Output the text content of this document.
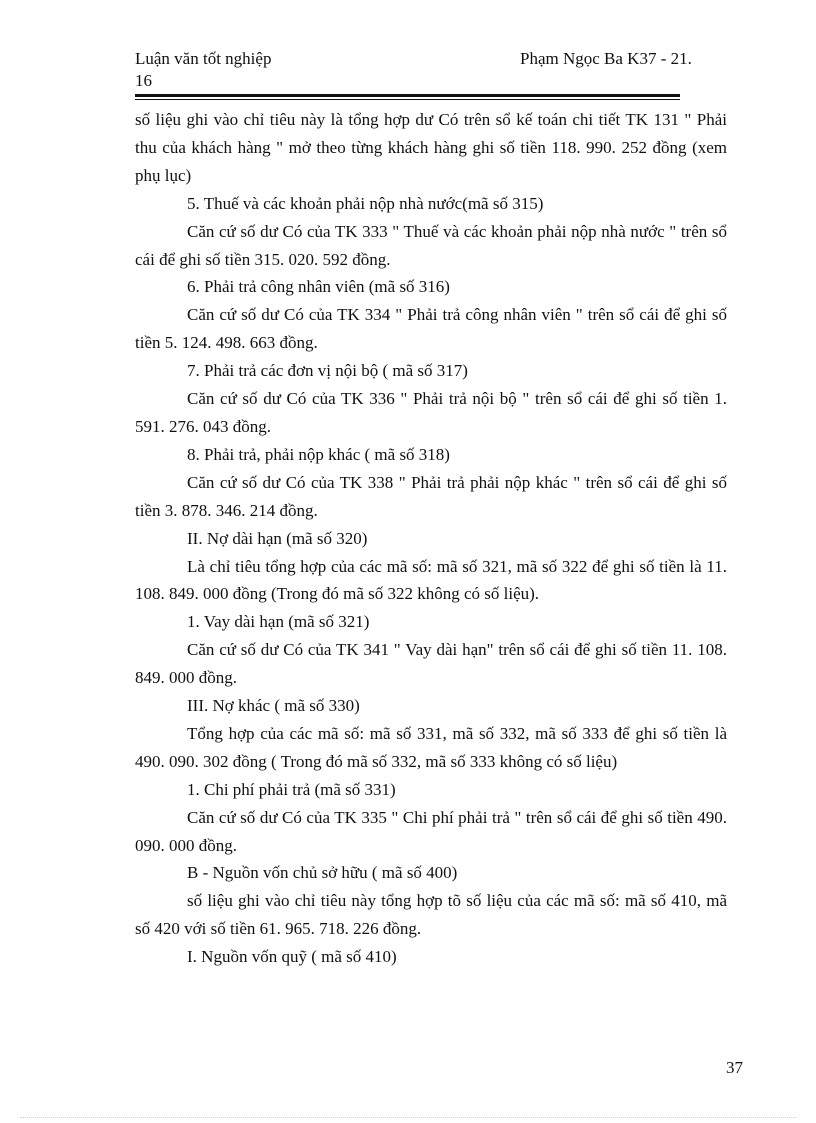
Luận văn tốt nghiệp	Phạm Ngọc Ba K37 - 21.
16

số liệu ghi vào chỉ tiêu này là tổng hợp dư Có trên sổ kế toán chi tiết TK 131 " Phải thu của khách hàng " mở theo từng khách hàng ghi số tiền 118. 990. 252 đồng (xem phụ lục)

5. Thuế và các khoản phải nộp nhà nước(mã số 315)

Căn cứ số dư Có của TK 333 " Thuế và các khoản phải nộp nhà nước " trên sổ cái để ghi số tiền 315. 020. 592 đồng.

6. Phải trả công nhân viên (mã số 316)

Căn cứ số dư Có của TK 334 " Phải trả công nhân viên " trên sổ cái để ghi số tiền 5. 124. 498. 663 đồng.

7. Phải trả các đơn vị nội bộ ( mã số 317)

Căn cứ số dư Có của TK 336 " Phải trả nội bộ " trên sổ cái để ghi số tiền 1. 591. 276. 043 đồng.

8. Phải trả, phải nộp khác ( mã số 318)

Căn cứ số dư Có của TK 338 " Phải trả phải nộp khác " trên sổ cái để ghi số tiền 3. 878. 346. 214 đồng.

II. Nợ dài hạn (mã số 320)

Là chỉ tiêu tổng hợp của các mã số: mã số 321, mã số 322 để ghi số tiền là 11. 108. 849. 000 đồng (Trong đó mã số 322 không có số liệu).

1. Vay dài hạn (mã số 321)

Căn cứ số dư Có của TK 341 " Vay dài hạn" trên sổ cái để ghi số tiền 11. 108. 849. 000 đồng.

III. Nợ khác ( mã số 330)

Tổng hợp của các mã số: mã số 331, mã số 332, mã số 333 để ghi số tiền là 490. 090. 302 đồng ( Trong đó mã số 332, mã số 333 không có số liệu)

1. Chi phí phải trả (mã số 331)

Căn cứ số dư Có của TK 335 " Chi phí phải trả " trên sổ cái để ghi số tiền 490. 090. 000 đồng.

B - Nguồn vốn chủ sở hữu ( mã số 400)

số liệu ghi vào chỉ tiêu này tổng hợp tõ số liệu của các mã số: mã số 410, mã số 420 với số tiền 61. 965. 718. 226 đồng.

I. Nguồn vốn quỹ ( mã số 410)

37
